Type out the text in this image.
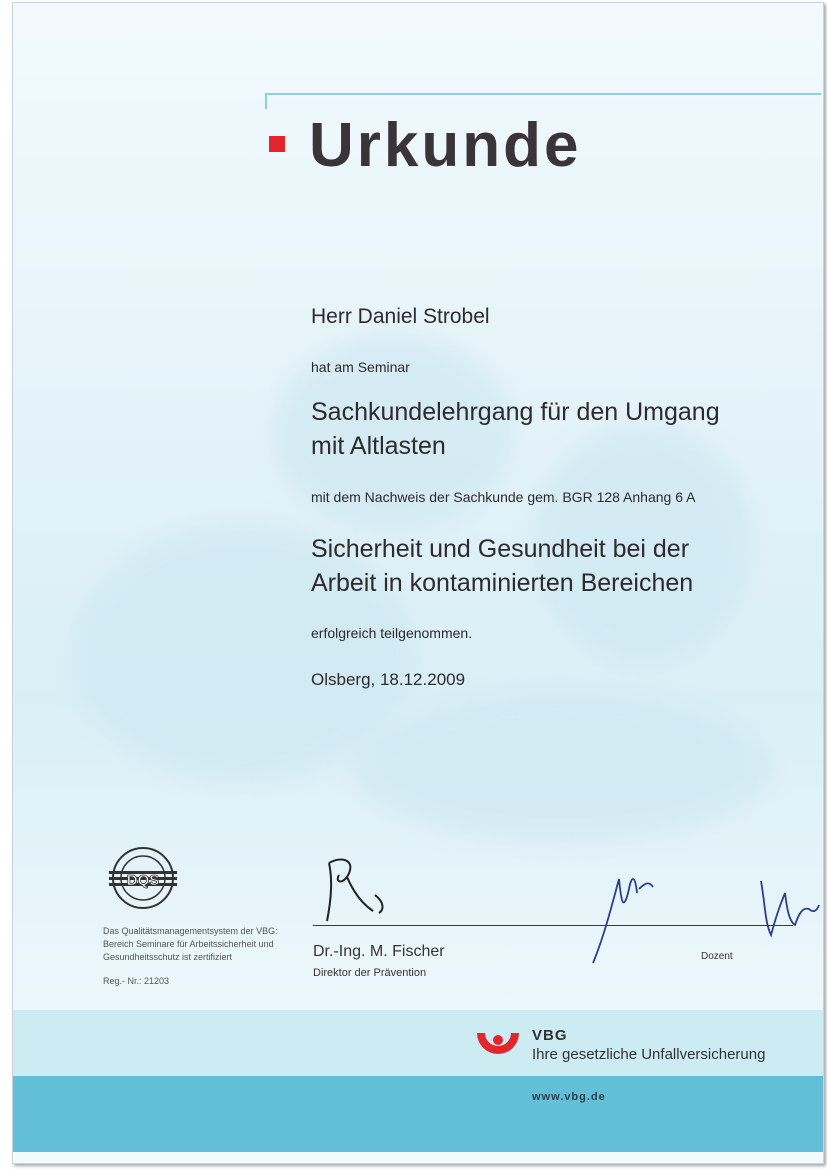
Urkunde
Herr Daniel Strobel
hat am Seminar
Sachkundelehrgang für den Umgang
mit Altlasten
mit dem Nachweis der Sachkunde gem. BGR 128 Anhang 6 A
Sicherheit und Gesundheit bei der
Arbeit in kontaminierten Bereichen
erfolgreich teilgenommen.
Olsberg, 18.12.2009
DQS
Das Qualitätsmanagementsystem der VBG:
Bereich Seminare für Arbeitssicherheit und
Gesundheitsschutz ist zertifiziert
Reg.- Nr.: 21203
Dr.-Ing. M. Fischer
Direktor der Prävention
Dozent
VBG
Ihre gesetzliche Unfallversicherung
www.vbg.de
